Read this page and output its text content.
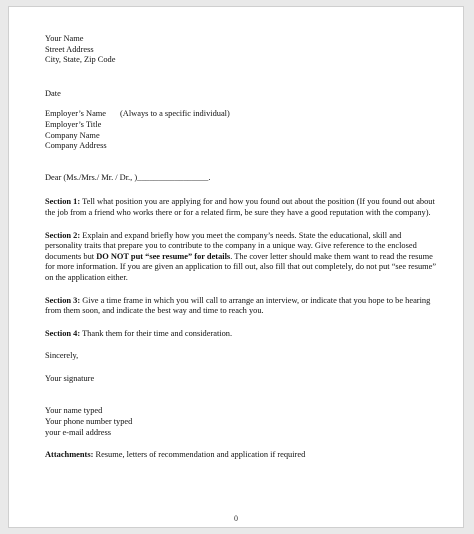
Your Name

Street Address

City, State, Zip Code

Date

Employer’s Name (Always to a specific individual)

Employer’s Title

Company Name

Company Address

Dear (Ms./Mrs./ Mr. / Dr., )_________________.

Section 1: Tell what position you are applying for and how you found out about the position (If you found out about the job from a friend who works there or for a related firm, be sure they have a good reputation with the company).

Section 2: Explain and expand briefly how you meet the company’s needs. State the educational, skill and personality traits that prepare you to contribute to the company in a unique way. Give reference to the enclosed documents but DO NOT put “see resume” for details. The cover letter should make them want to read the resume for more information. If you are given an application to fill out, also fill that out completely, do not put “see resume” on the application either.

Section 3: Give a time frame in which you will call to arrange an interview, or indicate that you hope to be hearing from them soon, and indicate the best way and time to reach you.

Section 4: Thank them for their time and consideration.

Sincerely,

Your signature

Your name typed

Your phone number typed

your e-mail address

Attachments: Resume, letters of recommendation and application if required

0
